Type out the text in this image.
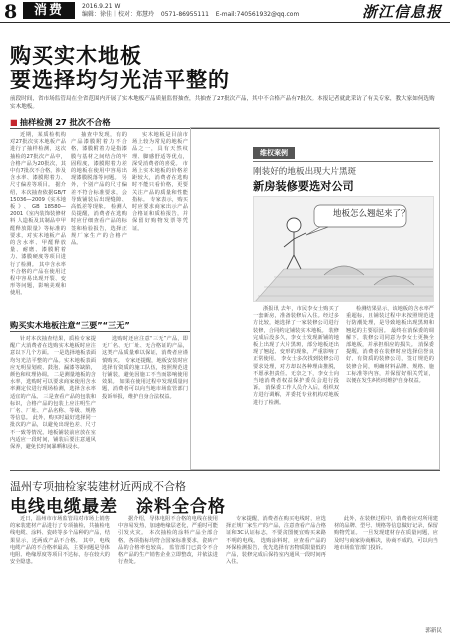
8	消费	2016.9.21 W
编辑：徐佳｜校对：郑慧玲 0571-86955111 E-mail:740561932@qq.com	浙江信息报
购买实木地板
要选择均匀光洁平整的
前段时间，省市场监管局在全省范围内开展了实木地板产品质量监督抽查，共抽查了27批次产品，其中不合格产品有7批次。本报记者就此采访了有关专家，教大家如何选购实木地板。
■ 抽样检测 27 批次不合格

近期，某质检机构对27批次实木地板产品进行了抽样检测，这次抽检的27批次产品中，合格产品为20批次，其中有7批次不合格，涉及含水率、漆膜附着力、尺寸偏差等项目。 据介绍，本次抽查依据GB/T 15036—2009《实木地板》、GB 18580—2001《室内装饰装修材料 人造板及其制品中甲醛释放限量》等标准的要求，对实木地板产品的含水率、甲醛释放量、耐磨、漆膜附着力、漆膜硬度等项目进行了检测。 其中含水率不合格的产品在使用过程中容易出现开裂、变形等问题，影响美观和使用。

抽查中发现，有的产品漆膜附着力不合格，漆膜附着力是指漆膜与基材之间结合的牢固程度，漆膜附着力差的地板在使用中容易出现漆膜脱落等问题。 另外，个别产品的尺寸偏差不符合标准要求，会导致铺装后出现缝隙、高低差等现象。 检测人员提醒，消费者在选购时应仔细查看产品的标签和检验报告，选择正规厂家生产的合格产品。

实木地板是目前市场上较为常见的地板产品之一，具有天然纹理、脚感舒适等优点，深受消费者的喜爱。 市场上实木地板的价格差距较大，消费者在选购时不能只看价格，更要关注产品的质量和性能指标。 专家表示，购买时应要求商家出示产品合格证和质检报告，并保留好购物发票等凭证。

购买实木地板注意“三要”“三无”

针对本次抽查结果，质检专家提醒广大消费者在选购实木地板时应注意以下几个方面。 一是选择地板表面均匀光洁平整的产品。实木地板表面应无明显划痕、鼓泡、漏漆等缺陷，颜色和纹理协调。 二是测量地板的含水率，选购时可以要求商家使用含水率测定仪进行现场检测，选择含水率适宜的产品。 三是查看产品的包装和标识，合格产品的包装上应注明生产厂名、厂址、产品名称、等级、规格等信息。 此外，购买时最好选择同一批次的产品，以避免出现色差、尺寸不一致等情况。地板铺装前应放在室内适应一段时间，铺装后要注意通风保养，避免长时间暴晒和浸水。

选购时还应注意“三无”产品，即无厂名、无厂址、无合格证的产品，这类产品质量难以保证，消费者应谨慎购买。 专家还提醒，地板安装时应选择有资质的施工队伍，按照规范进行铺装，避免因施工不当而影响使用效果。 如果在使用过程中发现质量问题，消费者可以向当地市场监管部门投诉举报，维护自身合法权益。

维权案例
刚装好的地板出现大片黑斑
新房装修要选对公司
地板怎么翘起来了？

浙报讯 去年，市民李女士购买了一套新房，准备装修后入住。经过多方比较，她选择了一家装修公司进行装修，合同约定铺装实木地板。 装修完成后没多久，李女士发现新铺的地板上出现了大片黑斑，部分地板还出现了翘起、变形的现象，严重影响了正常使用。 李女士多次找到装修公司要求处理，对方却以各种理由推脱，不愿承担责任。无奈之下，李女士向当地消费者权益保护委员会进行投诉。 消保委工作人员介入后，组织双方进行调解，并委托专业机构对地板进行了检测。

检测结果显示，该地板的含水率严重超标，且铺装过程中未按照规范进行防潮处理，是导致地板出现黑斑和翘起的主要原因。 最终在消保委的调解下，装修公司同意为李女士更换全部地板，并承担相应的损失。 消保委提醒，消费者在装修时应选择信誉良好、有资质的装修公司，签订规范的装修合同，明确材料品牌、规格、施工标准等内容，并保留好相关凭证，以便在发生纠纷时维护自身权益。

温州专项抽检家装建材近两成不合格
电线电缆最差　涂料全合格

近日，温州市市场监管局对市场上销售的家装建材产品进行了专项抽检，共抽检电线电缆、涂料、瓷砖等多个品种的产品，结果显示，近两成产品不合格。 其中，电线电缆产品的不合格率最高，主要问题是导体电阻、绝缘厚度等项目不达标，存在较大的安全隐患。

据介绍，导体电阻不合格的电线在使用中容易发热，加速绝缘层老化，严重时可能引发火灾。 本次抽检的涂料产品全部合格，各项指标均符合国家标准要求，瓷砖产品的合格率也较高。 监管部门已责令不合格产品的生产销售企业立即整改，并依法进行查处。

专家提醒，消费者在购买电线时，应选择正规厂家生产的产品，注意查看产品合格证和3C认证标志，不要贪图便宜购买来路不明的电线。 选购涂料时，应查看产品的环保检测报告，优先选择有害物质限量低的产品，装修完成后保持室内通风一段时间再入住。

此外，在装修过程中，消费者应对所用建材的品牌、型号、规格等信息做好记录，保留购物凭证。 一旦发现建材存在质量问题，应及时与商家协商解决，协商不成的，可以向当地市场监管部门投诉。

郭新民
